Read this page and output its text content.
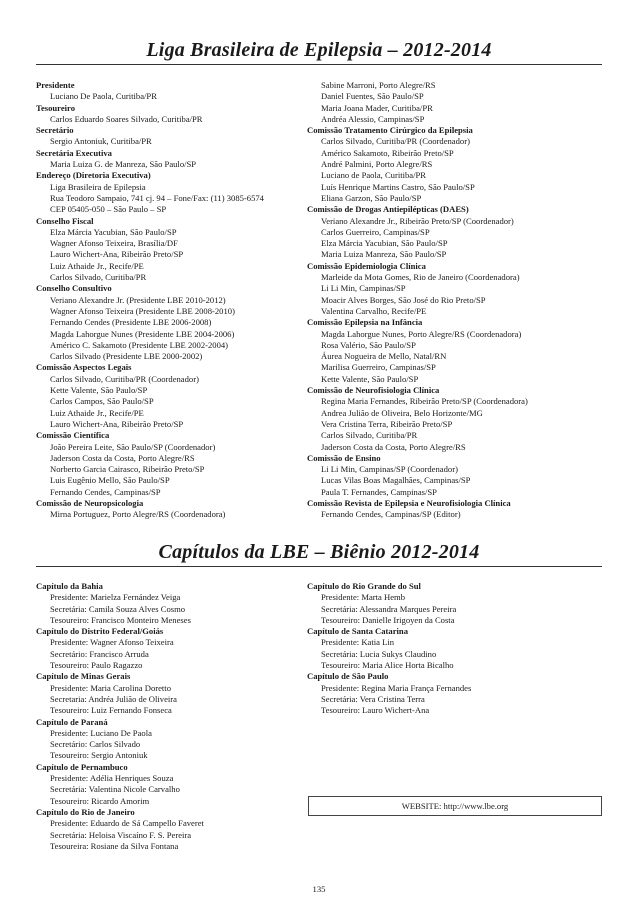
Liga Brasileira de Epilepsia – 2012-2014
Presidente
Luciano De Paola, Curitiba/PR
Tesoureiro
Carlos Eduardo Soares Silvado, Curitiba/PR
Secretário
Sergio Antoniuk, Curitiba/PR
Secretária Executiva
Maria Luiza G. de Manreza, São Paulo/SP
Endereço (Diretoria Executiva)
Liga Brasileira de Epilepsia
Rua Teodoro Sampaio, 741 cj. 94 – Fone/Fax: (11) 3085-6574
CEP 05405-050 – São Paulo – SP
Conselho Fiscal
Elza Márcia Yacubian, São Paulo/SP
Wagner Afonso Teixeira, Brasília/DF
Lauro Wichert-Ana, Ribeirão Preto/SP
Luiz Athaide Jr., Recife/PE
Carlos Silvado, Curitiba/PR
Conselho Consultivo
Veriano Alexandre Jr. (Presidente LBE 2010-2012)
Wagner Afonso Teixeira (Presidente LBE 2008-2010)
Fernando Cendes (Presidente LBE 2006-2008)
Magda Lahorgue Nunes (Presidente LBE 2004-2006)
Américo C. Sakamoto (Presidente LBE 2002-2004)
Carlos Silvado (Presidente LBE 2000-2002)
Comissão Aspectos Legais
Carlos Silvado, Curitiba/PR (Coordenador)
Kette Valente, São Paulo/SP
Carlos Campos, São Paulo/SP
Luiz Athaide Jr., Recife/PE
Lauro Wichert-Ana, Ribeirão Preto/SP
Comissão Científica
João Pereira Leite, São Paulo/SP (Coordenador)
Jaderson Costa da Costa, Porto Alegre/RS
Norberto Garcia Cairasco, Ribeirão Preto/SP
Luis Eugênio Mello, São Paulo/SP
Fernando Cendes, Campinas/SP
Comissão de Neuropsicologia
Mirna Portuguez, Porto Alegre/RS (Coordenadora)
Sabine Marroni, Porto Alegre/RS
Daniel Fuentes, São Paulo/SP
Maria Joana Mader, Curitiba/PR
Andréa Alessio, Campinas/SP
Comissão Tratamento Cirúrgico da Epilepsia
Carlos Silvado, Curitiba/PR (Coordenador)
Américo Sakamoto, Ribeirão Preto/SP
André Palmini, Porto Alegre/RS
Luciano de Paola, Curitiba/PR
Luís Henrique Martins Castro, São Paulo/SP
Eliana Garzon, São Paulo/SP
Comissão de Drogas Antiepilépticas (DAES)
Veriano Alexandre Jr., Ribeirão Preto/SP (Coordenador)
Carlos Guerreiro, Campinas/SP
Elza Márcia Yacubian, São Paulo/SP
Maria Luiza Manreza, São Paulo/SP
Comissão Epidemiologia Clínica
Marleide da Mota Gomes, Rio de Janeiro (Coordenadora)
Li Li Min, Campinas/SP
Moacir Alves Borges, São José do Rio Preto/SP
Valentina Carvalho, Recife/PE
Comissão Epilepsia na Infância
Magda Lahorgue Nunes, Porto Alegre/RS (Coordenadora)
Rosa Valério, São Paulo/SP
Áurea Nogueira de Mello, Natal/RN
Marilisa Guerreiro, Campinas/SP
Kette Valente, São Paulo/SP
Comissão de Neurofisiologia Clínica
Regina Maria Fernandes, Ribeirão Preto/SP (Coordenadora)
Andrea Julião de Oliveira, Belo Horizonte/MG
Vera Cristina Terra, Ribeirão Preto/SP
Carlos Silvado, Curitiba/PR
Jaderson Costa da Costa, Porto Alegre/RS
Comissão de Ensino
Li Li Min, Campinas/SP (Coordenador)
Lucas Vilas Boas Magalhães, Campinas/SP
Paula T. Fernandes, Campinas/SP
Comissão Revista de Epilepsia e Neurofisiologia Clínica
Fernando Cendes, Campinas/SP (Editor)
Capítulos da LBE – Biênio 2012-2014
Capítulo da Bahia
Presidente: Marielza Fernández Veiga
Secretária: Camila Souza Alves Cosmo
Tesoureiro: Francisco Monteiro Meneses
Capítulo do Distrito Federal/Goiás
Presidente: Wagner Afonso Teixeira
Secretário: Francisco Arruda
Tesoureiro: Paulo Ragazzo
Capítulo de Minas Gerais
Presidente: Maria Carolina Doretto
Secretaria: Andréa Julião de Oliveira
Tesoureiro: Luiz Fernando Fonseca
Capítulo de Paraná
Presidente: Luciano De Paola
Secretário: Carlos Silvado
Tesoureiro: Sergio Antoniuk
Capítulo de Pernambuco
Presidente: Adélia Henriques Souza
Secretária: Valentina Nicole Carvalho
Tesoureiro: Ricardo Amorim
Capítulo do Rio de Janeiro
Presidente: Eduardo de Sá Campello Faveret
Secretária: Heloisa Viscaíno F. S. Pereira
Tesoureira: Rosiane da Silva Fontana
Capítulo do Rio Grande do Sul
Presidente: Marta Hemb
Secretária: Alessandra Marques Pereira
Tesoureiro: Danielle Irigoyen da Costa
Capítulo de Santa Catarina
Presidente: Katia Lin
Secretária: Lucia Sukys Claudino
Tesoureiro: Maria Alice Horta Bicalho
Capítulo de São Paulo
Presidente: Regina Maria França Fernandes
Secretária: Vera Cristina Terra
Tesoureiro: Lauro Wichert-Ana
WEBSITE: http://www.lbe.org
135
